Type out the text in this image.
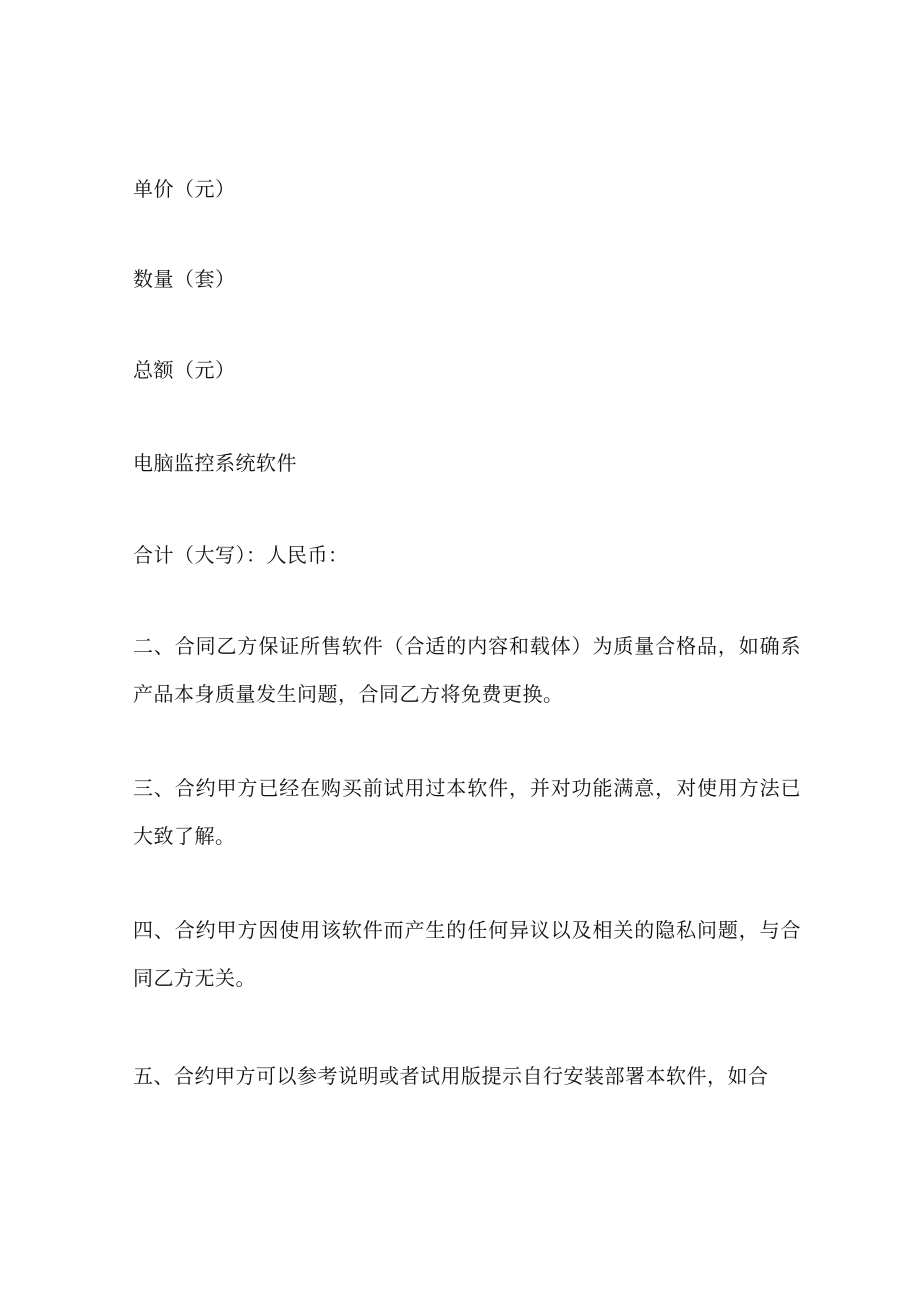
单价（元）
数量（套）
总额（元）
电脑监控系统软件
合计（大写）：人民币：
二、合同乙方保证所售软件（合适的内容和载体）为质量合格品，如确系产品本身质量发生问题，合同乙方将免费更换。
三、合约甲方已经在购买前试用过本软件，并对功能满意，对使用方法已大致了解。
四、合约甲方因使用该软件而产生的任何异议以及相关的隐私问题，与合同乙方无关。
五、合约甲方可以参考说明或者试用版提示自行安装部署本软件，如合
